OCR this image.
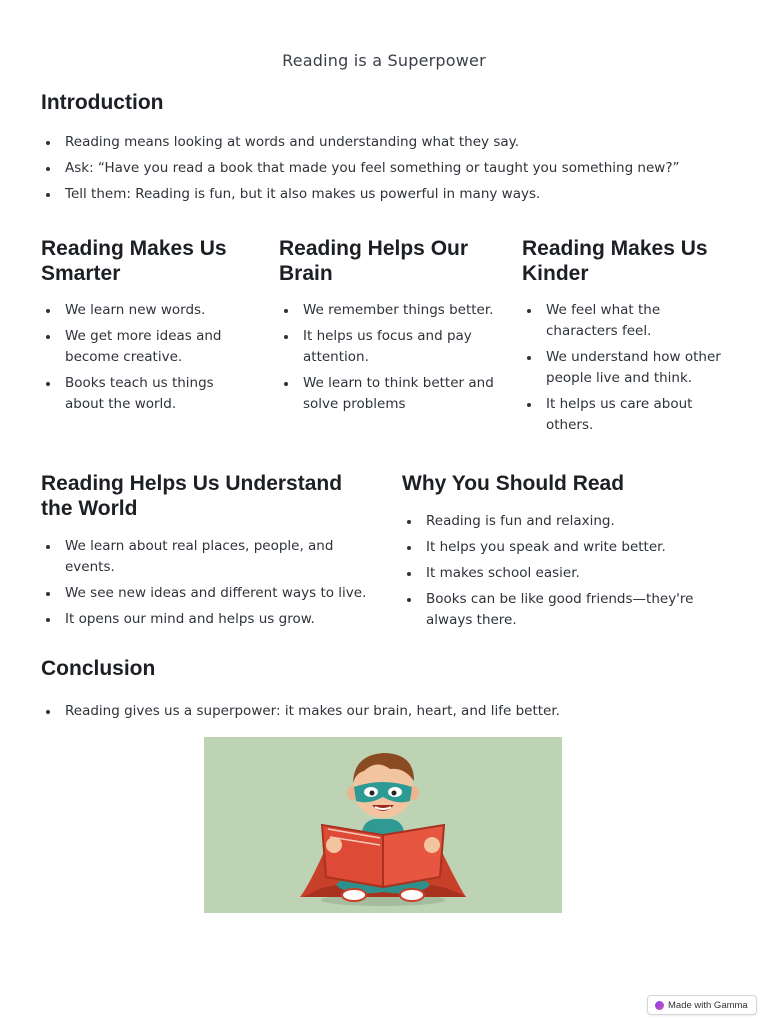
Reading is a Superpower
Introduction
Reading means looking at words and understanding what they say.
Ask: “Have you read a book that made you feel something or taught you something new?”
Tell them: Reading is fun, but it also makes us powerful in many ways.
Reading Makes Us Smarter
We learn new words.
We get more ideas and become creative.
Books teach us things about the world.
Reading Helps Our Brain
We remember things better.
It helps us focus and pay attention.
We learn to think better and solve problems
Reading Makes Us Kinder
We feel what the characters feel.
We understand how other people live and think.
It helps us care about others.
Reading Helps Us Understand the World
We learn about real places, people, and events.
We see new ideas and different ways to live.
It opens our mind and helps us grow.
Why You Should Read
Reading is fun and relaxing.
It helps you speak and write better.
It makes school easier.
Books can be like good friends—they're always there.
Conclusion
Reading gives us a superpower: it makes our brain, heart, and life better.
Made with Gamma
